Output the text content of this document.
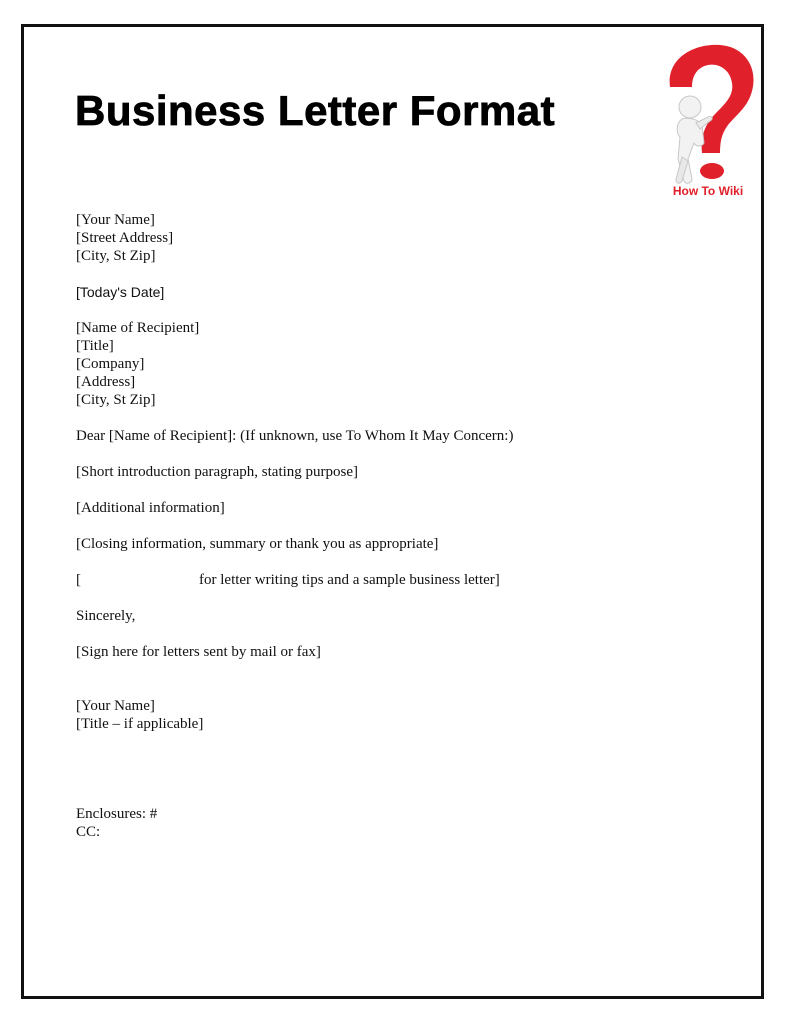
Business Letter Format
How To Wiki

[Your Name]
[Street Address]
[City, St Zip]

[Today's Date]

[Name of Recipient]
[Title]
[Company]
[Address]
[City, St Zip]

Dear [Name of Recipient]: (If unknown, use To Whom It May Concern:)

[Short introduction paragraph, stating purpose]

[Additional information]

[Closing information, summary or thank you as appropriate]

[	for letter writing tips and a sample business letter]

Sincerely,

[Sign here for letters sent by mail or fax]

[Your Name]
[Title – if applicable]

Enclosures: #
CC:
